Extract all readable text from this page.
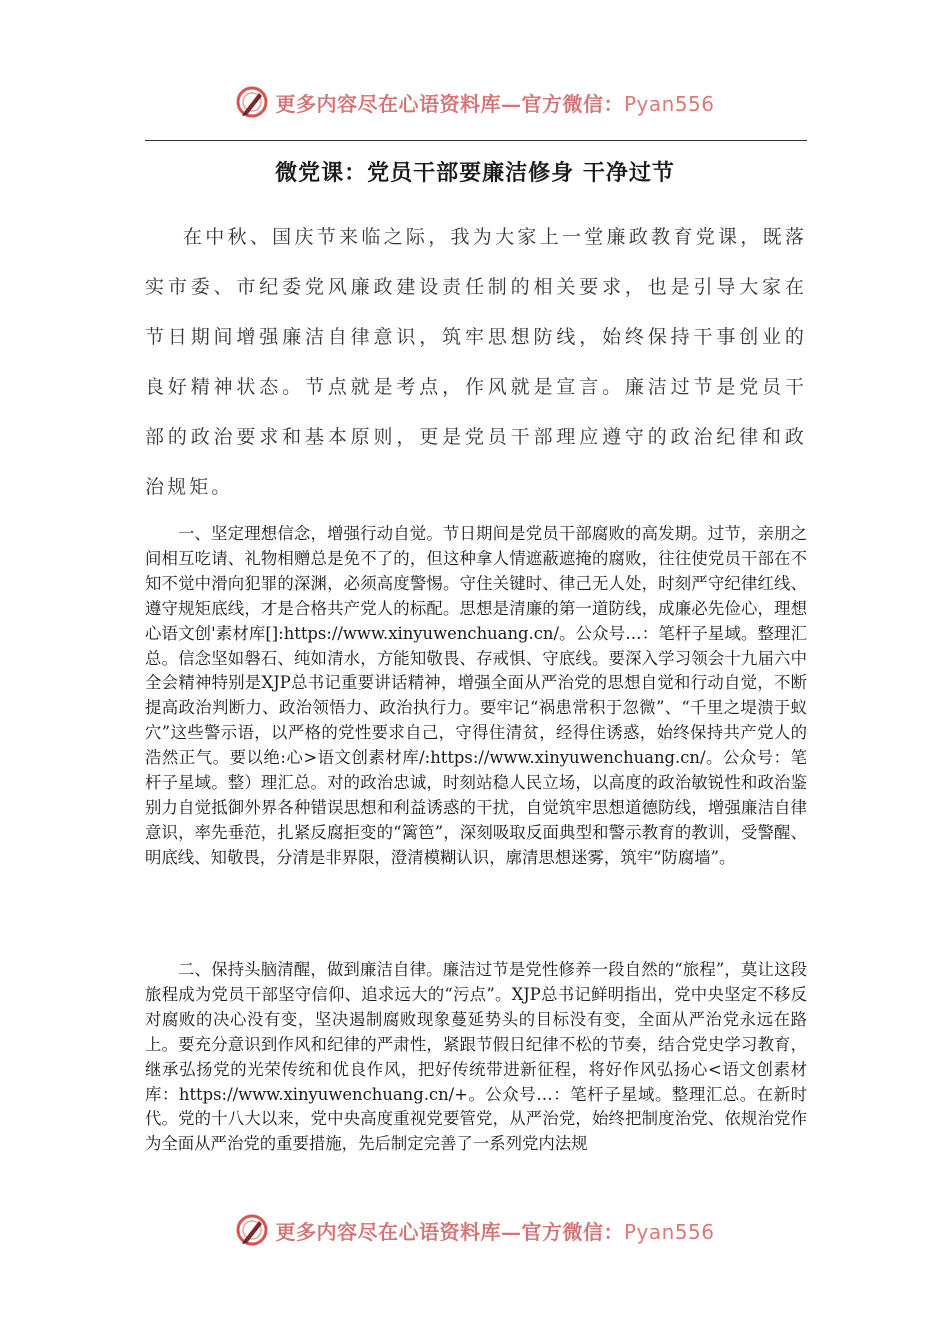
更多内容尽在心语资料库—官方微信：Pyan556
微党课：党员干部要廉洁修身 干净过节

在中秋、国庆节来临之际，我为大家上一堂廉政教育党课，既落实市委、市纪委党风廉政建设责任制的相关要求，也是引导大家在节日期间增强廉洁自律意识，筑牢思想防线，始终保持干事创业的良好精神状态。节点就是考点，作风就是宣言。廉洁过节是党员干部的政治要求和基本原则，更是党员干部理应遵守的政治纪律和政治规矩。

一、坚定理想信念，增强行动自觉。节日期间是党员干部腐败的高发期。过节，亲朋之间相互吃请、礼物相赠总是免不了的，但这种拿人情遮蔽遮掩的腐败，往往使党员干部在不知不觉中滑向犯罪的深渊，必须高度警惕。守住关键时、律己无人处，时刻严守纪律红线、遵守规矩底线，才是合格共产党人的标配。思想是清廉的第一道防线，成廉必先俭心，理想心语文创'素材库[]:https://www.xinyuwenchuang.cn/。公众号…：笔杆子星域。整理汇总。信念坚如磐石、纯如清水，方能知敬畏、存戒惧、守底线。要深入学习领会十九届六中全会精神特别是XJP总书记重要讲话精神，增强全面从严治党的思想自觉和行动自觉，不断提高政治判断力、政治领悟力、政治执行力。要牢记“祸患常积于忽微”、“千里之堤溃于蚁穴”这些警示语，以严格的党性要求自己，守得住清贫，经得住诱惑，始终保持共产党人的浩然正气。要以绝:心>语文创素材库/:https://www.xinyuwenchuang.cn/。公众号：笔杆子星域。整）理汇总。对的政治忠诚，时刻站稳人民立场，以高度的政治敏锐性和政治鉴别力自觉抵御外界各种错误思想和利益诱惑的干扰，自觉筑牢思想道德防线，增强廉洁自律意识，率先垂范，扎紧反腐拒变的“篱笆”，深刻吸取反面典型和警示教育的教训，受警醒、明底线、知敬畏，分清是非界限，澄清模糊认识，廓清思想迷雾，筑牢“防腐墙”。

二、保持头脑清醒，做到廉洁自律。廉洁过节是党性修养一段自然的“旅程”，莫让这段旅程成为党员干部坚守信仰、追求远大的“污点”。XJP总书记鲜明指出，党中央坚定不移反对腐败的决心没有变，坚决遏制腐败现象蔓延势头的目标没有变，全面从严治党永远在路上。要充分意识到作风和纪律的严肃性，紧跟节假日纪律不松的节奏，结合党史学习教育，继承弘扬党的光荣传统和优良作风，把好传统带进新征程，将好作风弘扬心<语文创素材库：https://www.xinyuwenchuang.cn/+。公众号…：笔杆子星域。整理汇总。在新时代。党的十八大以来，党中央高度重视党要管党，从严治党，始终把制度治党、依规治党作为全面从严治党的重要措施，先后制定完善了一系列党内法规

更多内容尽在心语资料库—官方微信：Pyan556
